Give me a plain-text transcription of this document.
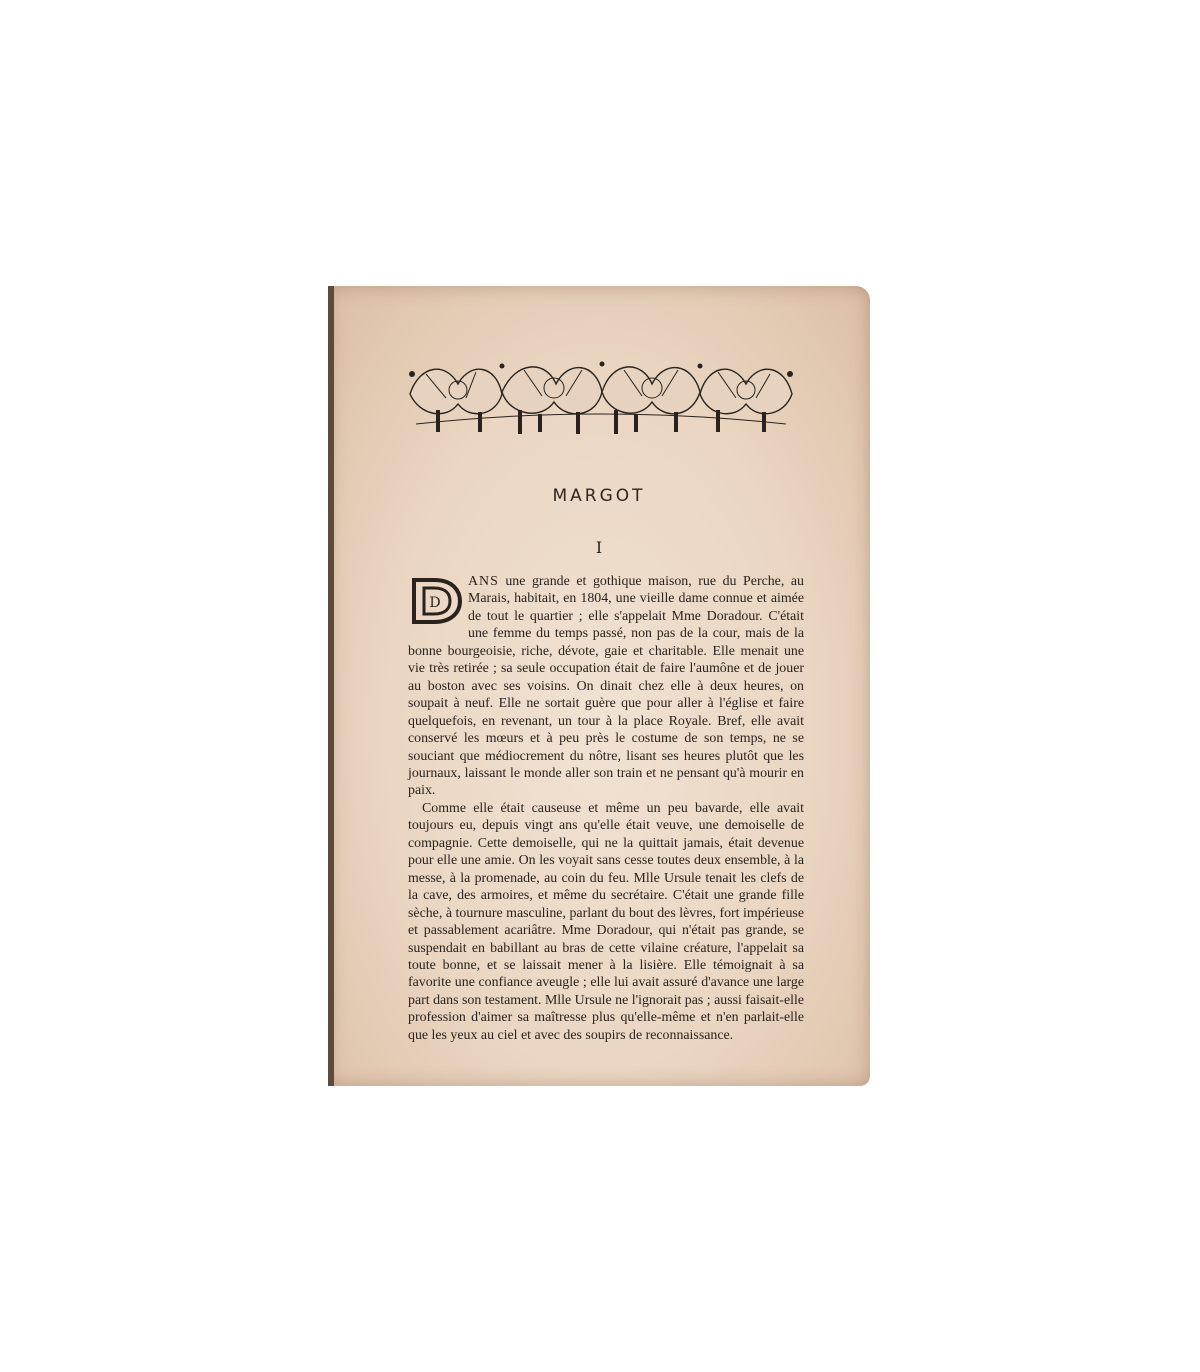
MARGOT
I

D
ANS une grande et gothique maison, rue du Perche, au Marais, habitait, en 1804, une vieille dame connue et aimée de tout le quartier ; elle s'appelait Mme Doradour. C'était une femme du temps passé, non pas de la cour, mais de la bonne bourgeoisie, riche, dévote, gaie et charitable. Elle menait une vie très retirée ; sa seule occupation était de faire l'aumône et de jouer au boston avec ses voisins. On dinait chez elle à deux heures, on soupait à neuf. Elle ne sortait guère que pour aller à l'église et faire quelquefois, en revenant, un tour à la place Royale. Bref, elle avait conservé les mœurs et à peu près le costume de son temps, ne se souciant que médiocrement du nôtre, lisant ses heures plutôt que les journaux, laissant le monde aller son train et ne pensant qu'à mourir en paix.

Comme elle était causeuse et même un peu bavarde, elle avait toujours eu, depuis vingt ans qu'elle était veuve, une demoiselle de compagnie. Cette demoiselle, qui ne la quittait jamais, était devenue pour elle une amie. On les voyait sans cesse toutes deux ensemble, à la messe, à la promenade, au coin du feu. Mlle Ursule tenait les clefs de la cave, des armoires, et même du secrétaire. C'était une grande fille sèche, à tournure masculine, parlant du bout des lèvres, fort impérieuse et passablement acariâtre. Mme Doradour, qui n'était pas grande, se suspendait en babillant au bras de cette vilaine créature, l'appelait sa toute bonne, et se laissait mener à la lisière. Elle témoignait à sa favorite une confiance aveugle ; elle lui avait assuré d'avance une large part dans son testament. Mlle Ursule ne l'ignorait pas ; aussi faisait-elle profession d'aimer sa maîtresse plus qu'elle-même et n'en parlait-elle que les yeux au ciel et avec des soupirs de reconnaissance.
